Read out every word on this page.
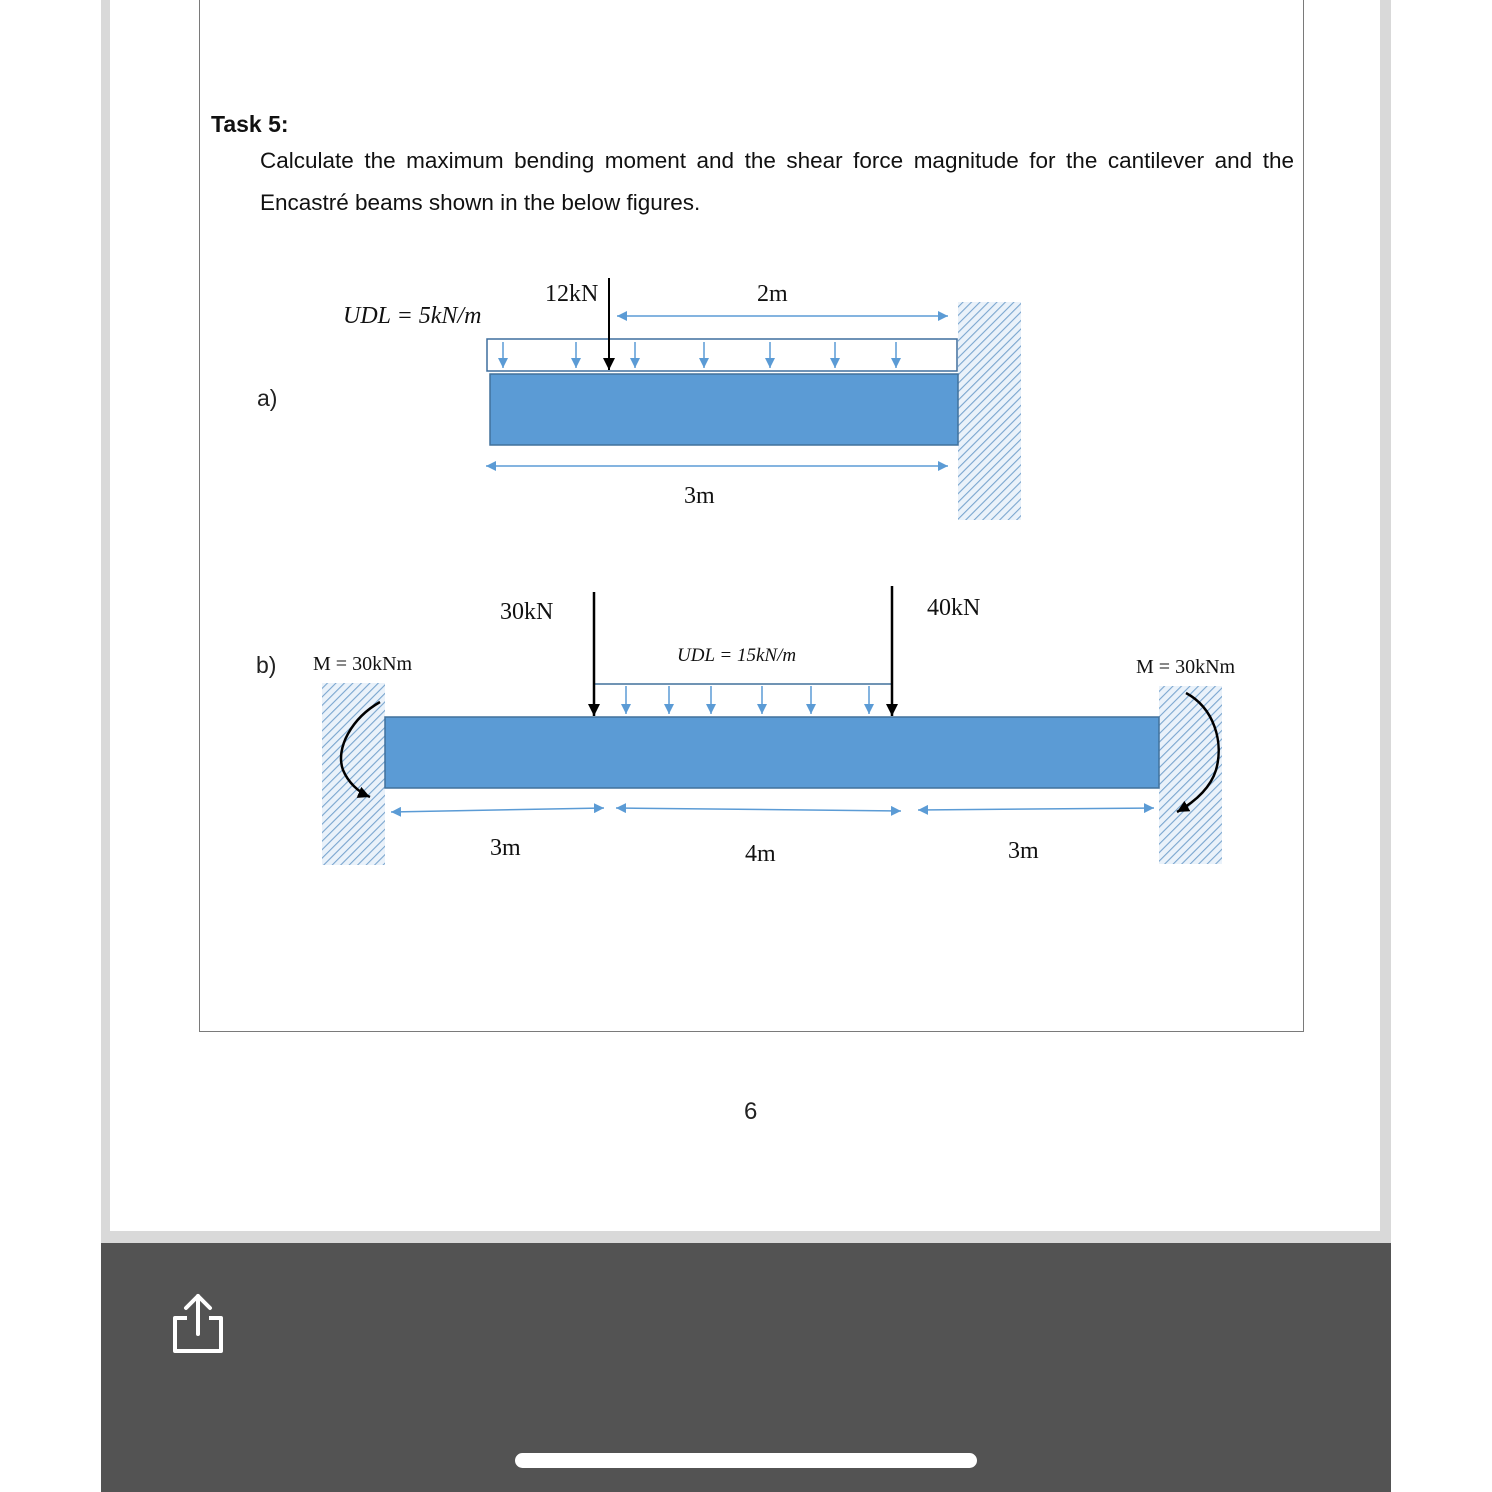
Task 5:
Calculate the maximum bending moment and the shear force magnitude for the cantilever and the Encastré beams shown in the below figures.
a)
b)
6
UDL = 5kN/m
12kN	2m
3m
M = 30kNm	M = 30kNm
30kN	40kN
UDL = 15kN/m
3m	4m	3m
